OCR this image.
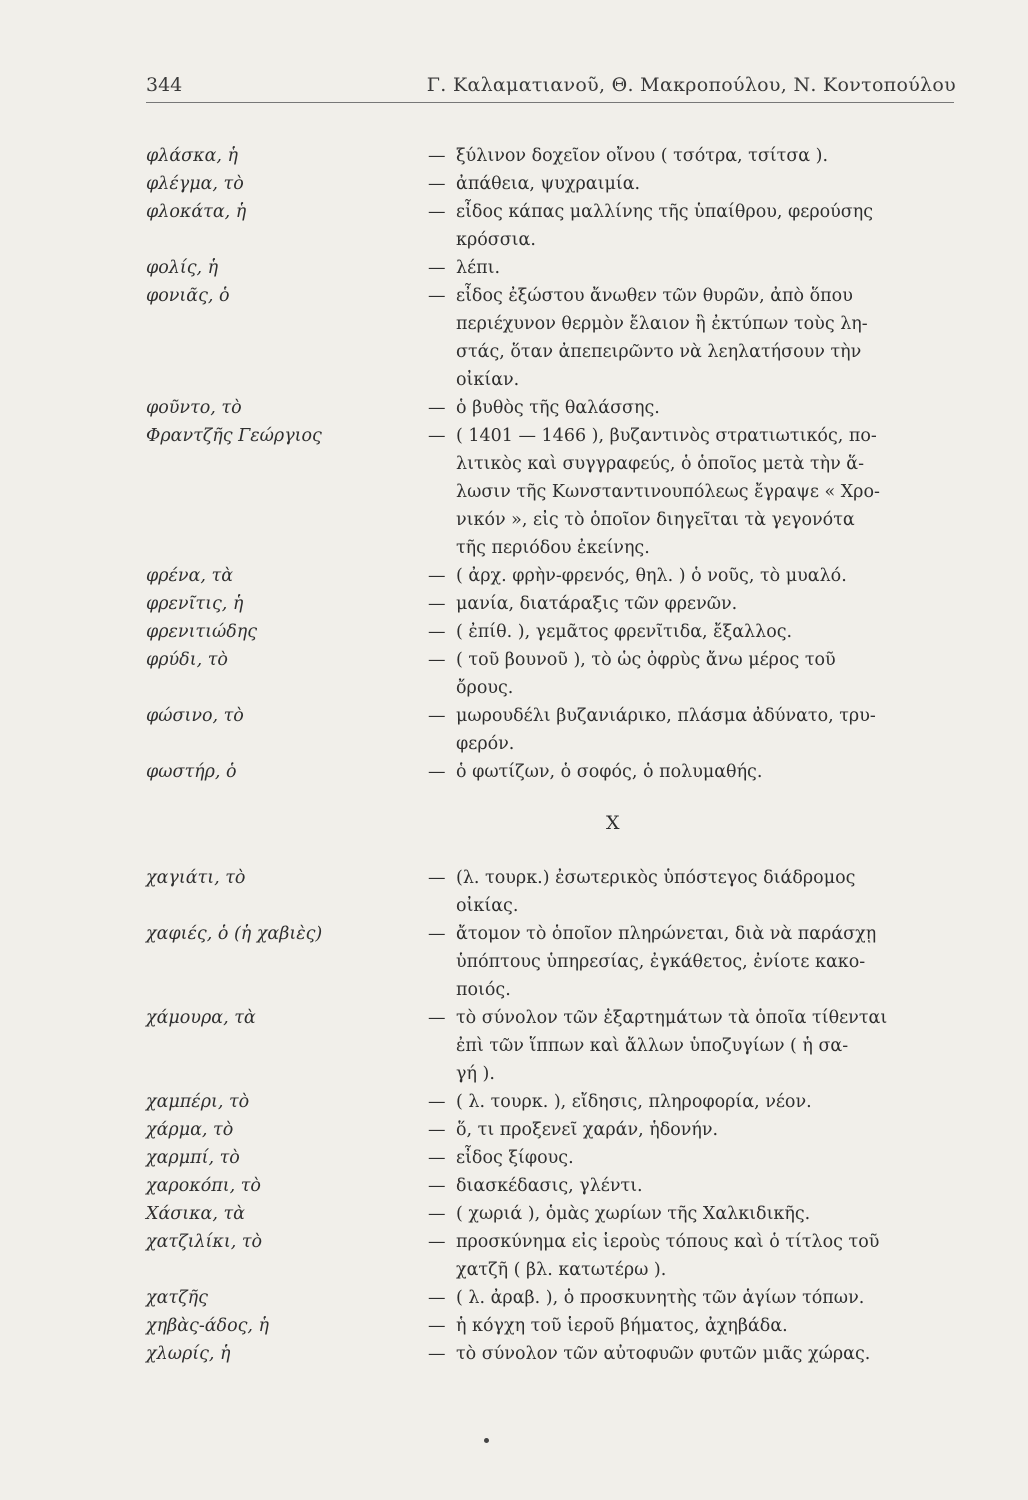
344	Γ. Καλαματιανοῦ, Θ. Μακροπούλου, Ν. Κοντοπούλου
φλάσκα, ἡ	— ξύλινον δοχεῖον οἴνου ( τσότρα, τσίτσα ).
φλέγμα, τὸ	— ἀπάθεια, ψυχραιμία.
φλοκάτα, ἡ	— εἶδος κάπας μαλλίνης τῆς ὑπαίθρου, φερούσης
κρόσσια.
φολίς, ἡ	— λέπι.
φονιᾶς, ὁ	— εἶδος ἐξώστου ἄνωθεν τῶν θυρῶν, ἀπὸ ὅπου
περιέχυνον θερμὸν ἔλαιον ἢ ἐκτύπων τοὺς λη-
στάς, ὅταν ἀπεπειρῶντο νὰ λεηλατήσουν τὴν
οἰκίαν.
φοῦντο, τὸ	— ὁ βυθὸς τῆς θαλάσσης.
Φραντζῆς Γεώργιος	— ( 1401 — 1466 ), βυζαντινὸς στρατιωτικός, πο-
λιτικὸς καὶ συγγραφεύς, ὁ ὁποῖος μετὰ τὴν ἅ-
λωσιν τῆς Κωνσταντινουπόλεως ἔγραψε « Χρο-
νικόν », εἰς τὸ ὁποῖον διηγεῖται τὰ γεγονότα
τῆς περιόδου ἐκείνης.
φρένα, τὰ	— ( ἀρχ. φρὴν-φρενός, θηλ. ) ὁ νοῦς, τὸ μυαλό.
φρενῖτις, ἡ	— μανία, διατάραξις τῶν φρενῶν.
φρενιτιώδης	— ( ἐπίθ. ), γεμᾶτος φρενῖτιδα, ἔξαλλος.
φρύδι, τὸ	— ( τοῦ βουνοῦ ), τὸ ὡς ὀφρὺς ἄνω μέρος τοῦ
ὄρους.
φώσινο, τὸ	— μωρουδέλι βυζανιάρικο, πλάσμα ἀδύνατο, τρυ-
φερόν.
φωστήρ, ὁ	— ὁ φωτίζων, ὁ σοφός, ὁ πολυμαθής.
Χ
χαγιάτι, τὸ	— (λ. τουρκ.) ἐσωτερικὸς ὑπόστεγος διάδρομος
οἰκίας.
χαφιές, ὁ (ἡ χαβιὲς)	— ἄτομον τὸ ὁποῖον πληρώνεται, διὰ νὰ παράσχῃ
ὑπόπτους ὑπηρεσίας, ἐγκάθετος, ἐνίοτε κακο-
ποιός.
χάμουρα, τὰ	— τὸ σύνολον τῶν ἐξαρτημάτων τὰ ὁποῖα τίθενται
ἐπὶ τῶν ἵππων καὶ ἄλλων ὑποζυγίων ( ἡ σα-
γή ).
χαμπέρι, τὸ	— ( λ. τουρκ. ), εἴδησις, πληροφορία, νέον.
χάρμα, τὸ	— ὅ, τι προξενεῖ χαράν, ἡδονήν.
χαρμπί, τὸ	— εἶδος ξίφους.
χαροκόπι, τὸ	— διασκέδασις, γλέντι.
Χάσικα, τὰ	— ( χωριά ), ὁμὰς χωρίων τῆς Χαλκιδικῆς.
χατζιλίκι, τὸ	— προσκύνημα εἰς ἱεροὺς τόπους καὶ ὁ τίτλος τοῦ
χατζῆ ( βλ. κατωτέρω ).
χατζῆς	— ( λ. ἀραβ. ), ὁ προσκυνητὴς τῶν ἁγίων τόπων.
χηβὰς-άδος, ἡ	— ἡ κόγχη τοῦ ἱεροῦ βήματος, ἀχηβάδα.
χλωρίς, ἡ	— τὸ σύνολον τῶν αὐτοφυῶν φυτῶν μιᾶς χώρας.
